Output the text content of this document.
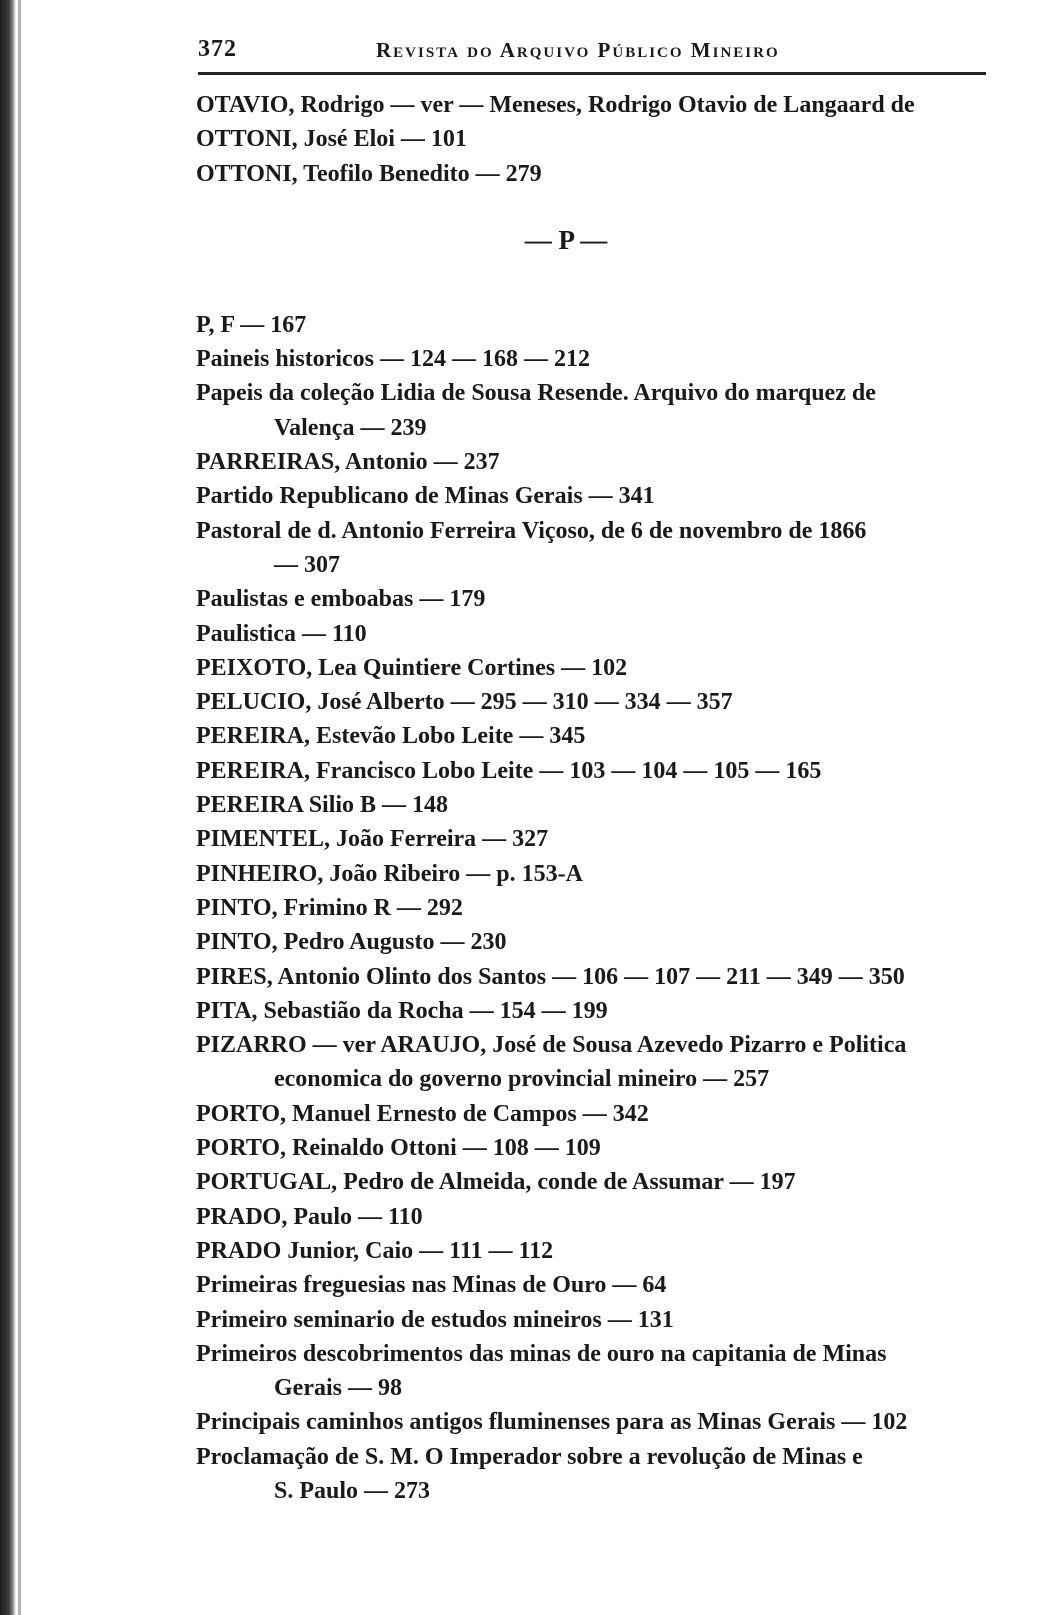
372	Revista do Arquivo Público Mineiro
OTAVIO, Rodrigo — ver — Meneses, Rodrigo Otavio de Langaard de
OTTONI, José Eloi — 101
OTTONI, Teofilo Benedito — 279
— P —
P, F — 167
Paineis historicos — 124 — 168 — 212
Papeis da coleção Lidia de Sousa Resende. Arquivo do marquez de
Valença — 239
PARREIRAS, Antonio — 237
Partido Republicano de Minas Gerais — 341
Pastoral de d. Antonio Ferreira Viçoso, de 6 de novembro de 1866
— 307
Paulistas e emboabas — 179
Paulistica — 110
PEIXOTO, Lea Quintiere Cortines — 102
PELUCIO, José Alberto — 295 — 310 — 334 — 357
PEREIRA, Estevão Lobo Leite — 345
PEREIRA, Francisco Lobo Leite — 103 — 104 — 105 — 165
PEREIRA Silio B — 148
PIMENTEL, João Ferreira — 327
PINHEIRO, João Ribeiro — p. 153-A
PINTO, Frimino R — 292
PINTO, Pedro Augusto — 230
PIRES, Antonio Olinto dos Santos — 106 — 107 — 211 — 349 — 350
PITA, Sebastião da Rocha — 154 — 199
PIZARRO — ver ARAUJO, José de Sousa Azevedo Pizarro e Politica
economica do governo provincial mineiro — 257
PORTO, Manuel Ernesto de Campos — 342
PORTO, Reinaldo Ottoni — 108 — 109
PORTUGAL, Pedro de Almeida, conde de Assumar — 197
PRADO, Paulo — 110
PRADO Junior, Caio — 111 — 112
Primeiras freguesias nas Minas de Ouro — 64
Primeiro seminario de estudos mineiros — 131
Primeiros descobrimentos das minas de ouro na capitania de Minas
Gerais — 98
Principais caminhos antigos fluminenses para as Minas Gerais — 102
Proclamação de S. M. O Imperador sobre a revolução de Minas e
S. Paulo — 273
